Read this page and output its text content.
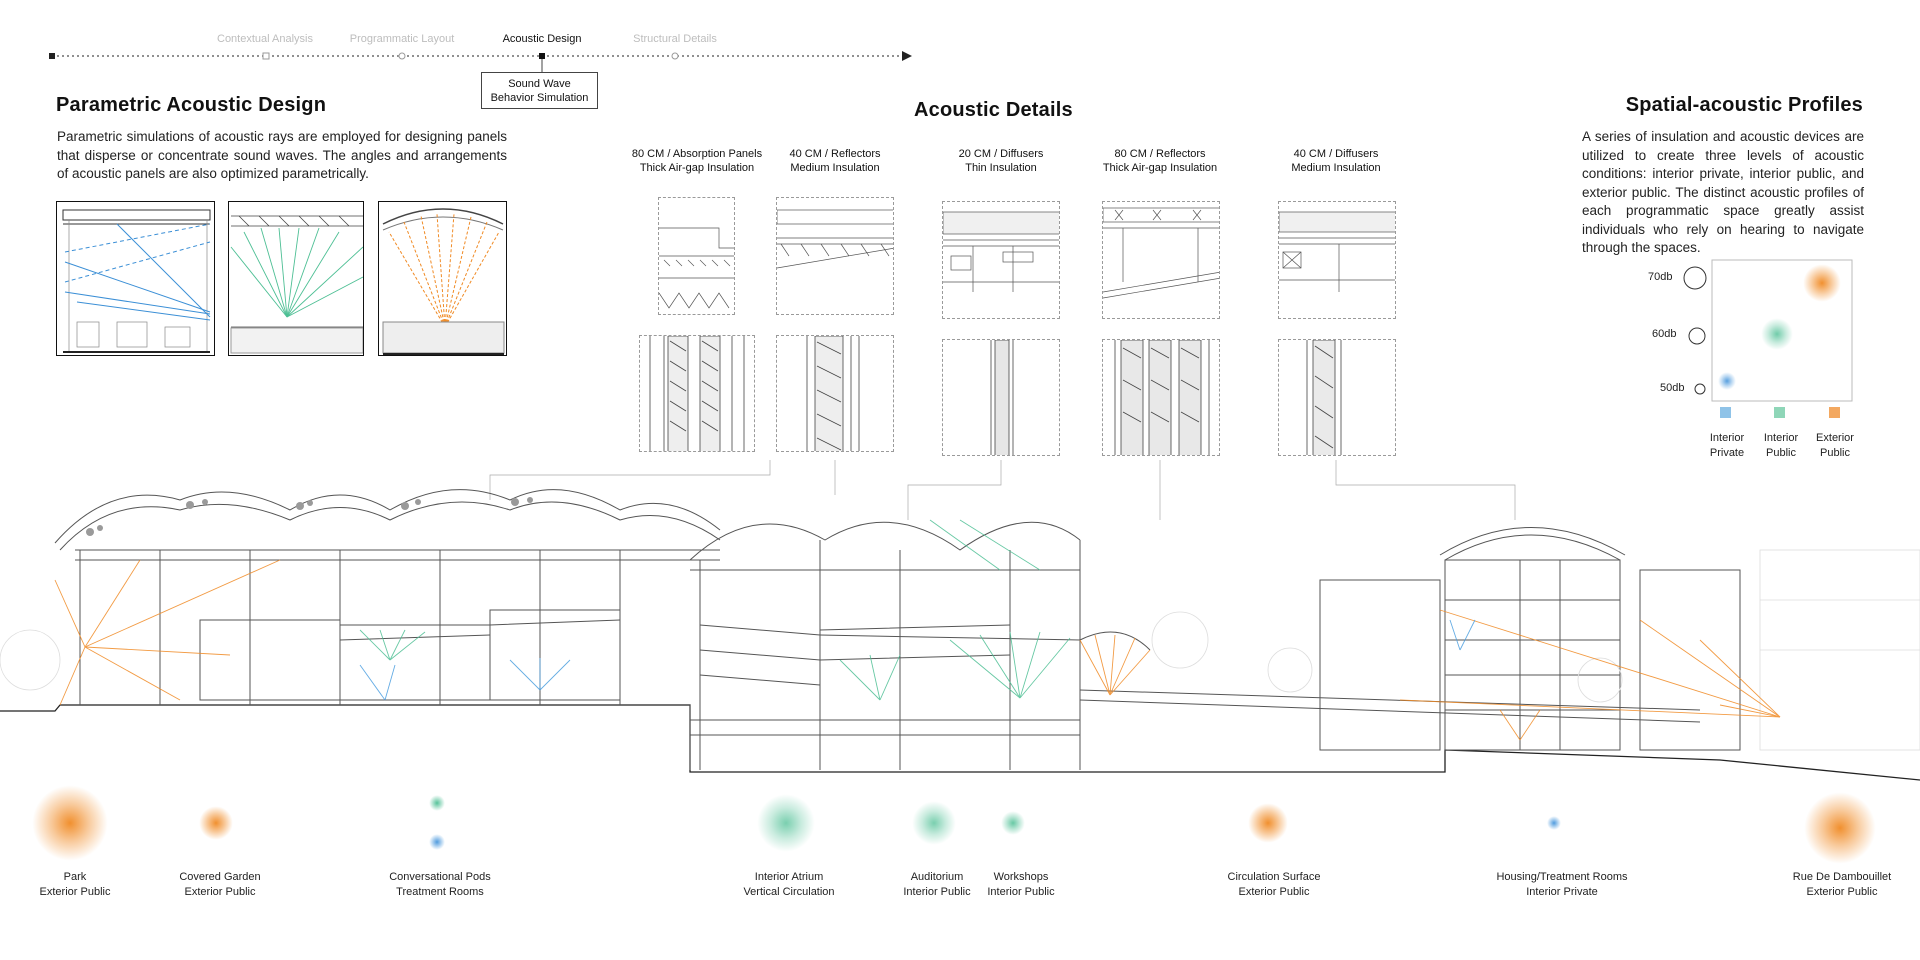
Contextual Analysis	Programmatic Layout	Acoustic Design	Structural Details
Sound Wave
Behavior Simulation
Parametric Acoustic Design
Parametric simulations of acoustic rays are employed for designing panels that disperse or concentrate sound waves. The angles and arrangements of acoustic panels are also optimized parametrically.
Acoustic Details
80 CM / Absorption Panels
Thick Air-gap Insulation
40 CM / Reflectors
Medium Insulation
20 CM / Diffusers
Thin Insulation
80 CM / Reflectors
Thick Air-gap Insulation
40 CM / Diffusers
Medium Insulation
Spatial-acoustic Profiles
A series of insulation and acoustic devices are utilized to create three levels of acoustic conditions: interior private, interior public, and exterior public. The distinct acoustic profiles of each programmatic space greatly assist individuals who rely on hearing to navigate through the spaces.
70db
60db
50db
Interior
Private
Interior
Public
Exterior
Public
Park
Exterior Public
Covered Garden
Exterior Public
Conversational Pods
Treatment Rooms
Interior Atrium
Vertical Circulation
Auditorium
Interior Public
Workshops
Interior Public
Circulation Surface
Exterior Public
Housing/Treatment Rooms
Interior Private
Rue De Dambouillet
Exterior Public
